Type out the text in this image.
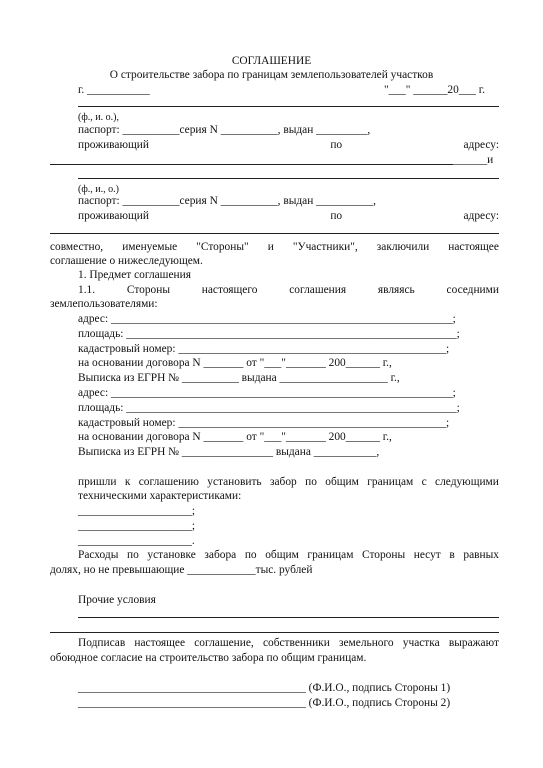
СОГЛАШЕНИЕ
О строительстве забора по границам землепользователей участков
г. ___________	"___" ______20___ г.
(ф., и. о.),
паспорт: __________серия N __________, выдан _________,
проживающий	по	адресу:
______и
(ф., и., о.)
паспорт: __________серия N __________, выдан __________,
проживающий	по	адресу:
совместно, именуемые "Стороны" и "Участники", заключили настоящее
соглашение о нижеследующем.
1. Предмет соглашения
1.1.	Стороны	настоящего	соглашения	являясь	соседними
землепользователями:
адрес: ____________________________________________________________;
площадь: __________________________________________________________;
кадастровый номер: _______________________________________________;
на основании договора N _______ от "___"_______ 200______ г.,
Выписка из ЕГРН № __________ выдана ___________________ г.,
адрес: ____________________________________________________________;
площадь: __________________________________________________________;
кадастровый номер: _______________________________________________;
на основании договора N _______ от "___"_______ 200______ г.,
Выписка из ЕГРН № ________________ выдана ___________,
пришли к соглашению установить забор по общим границам с следующими
техническими характеристиками:
____________________;
____________________;
____________________.
Расходы по установке забора по общим границам Стороны несут в равных
долях, но не превышающие ____________тыс. рублей
Прочие условия
Подписав настоящее соглашение, собственники земельного участка выражают
обоюдное согласие на строительство забора по общим границам.
________________________________________ (Ф.И.О., подпись Стороны 1)
________________________________________ (Ф.И.О., подпись Стороны 2)
